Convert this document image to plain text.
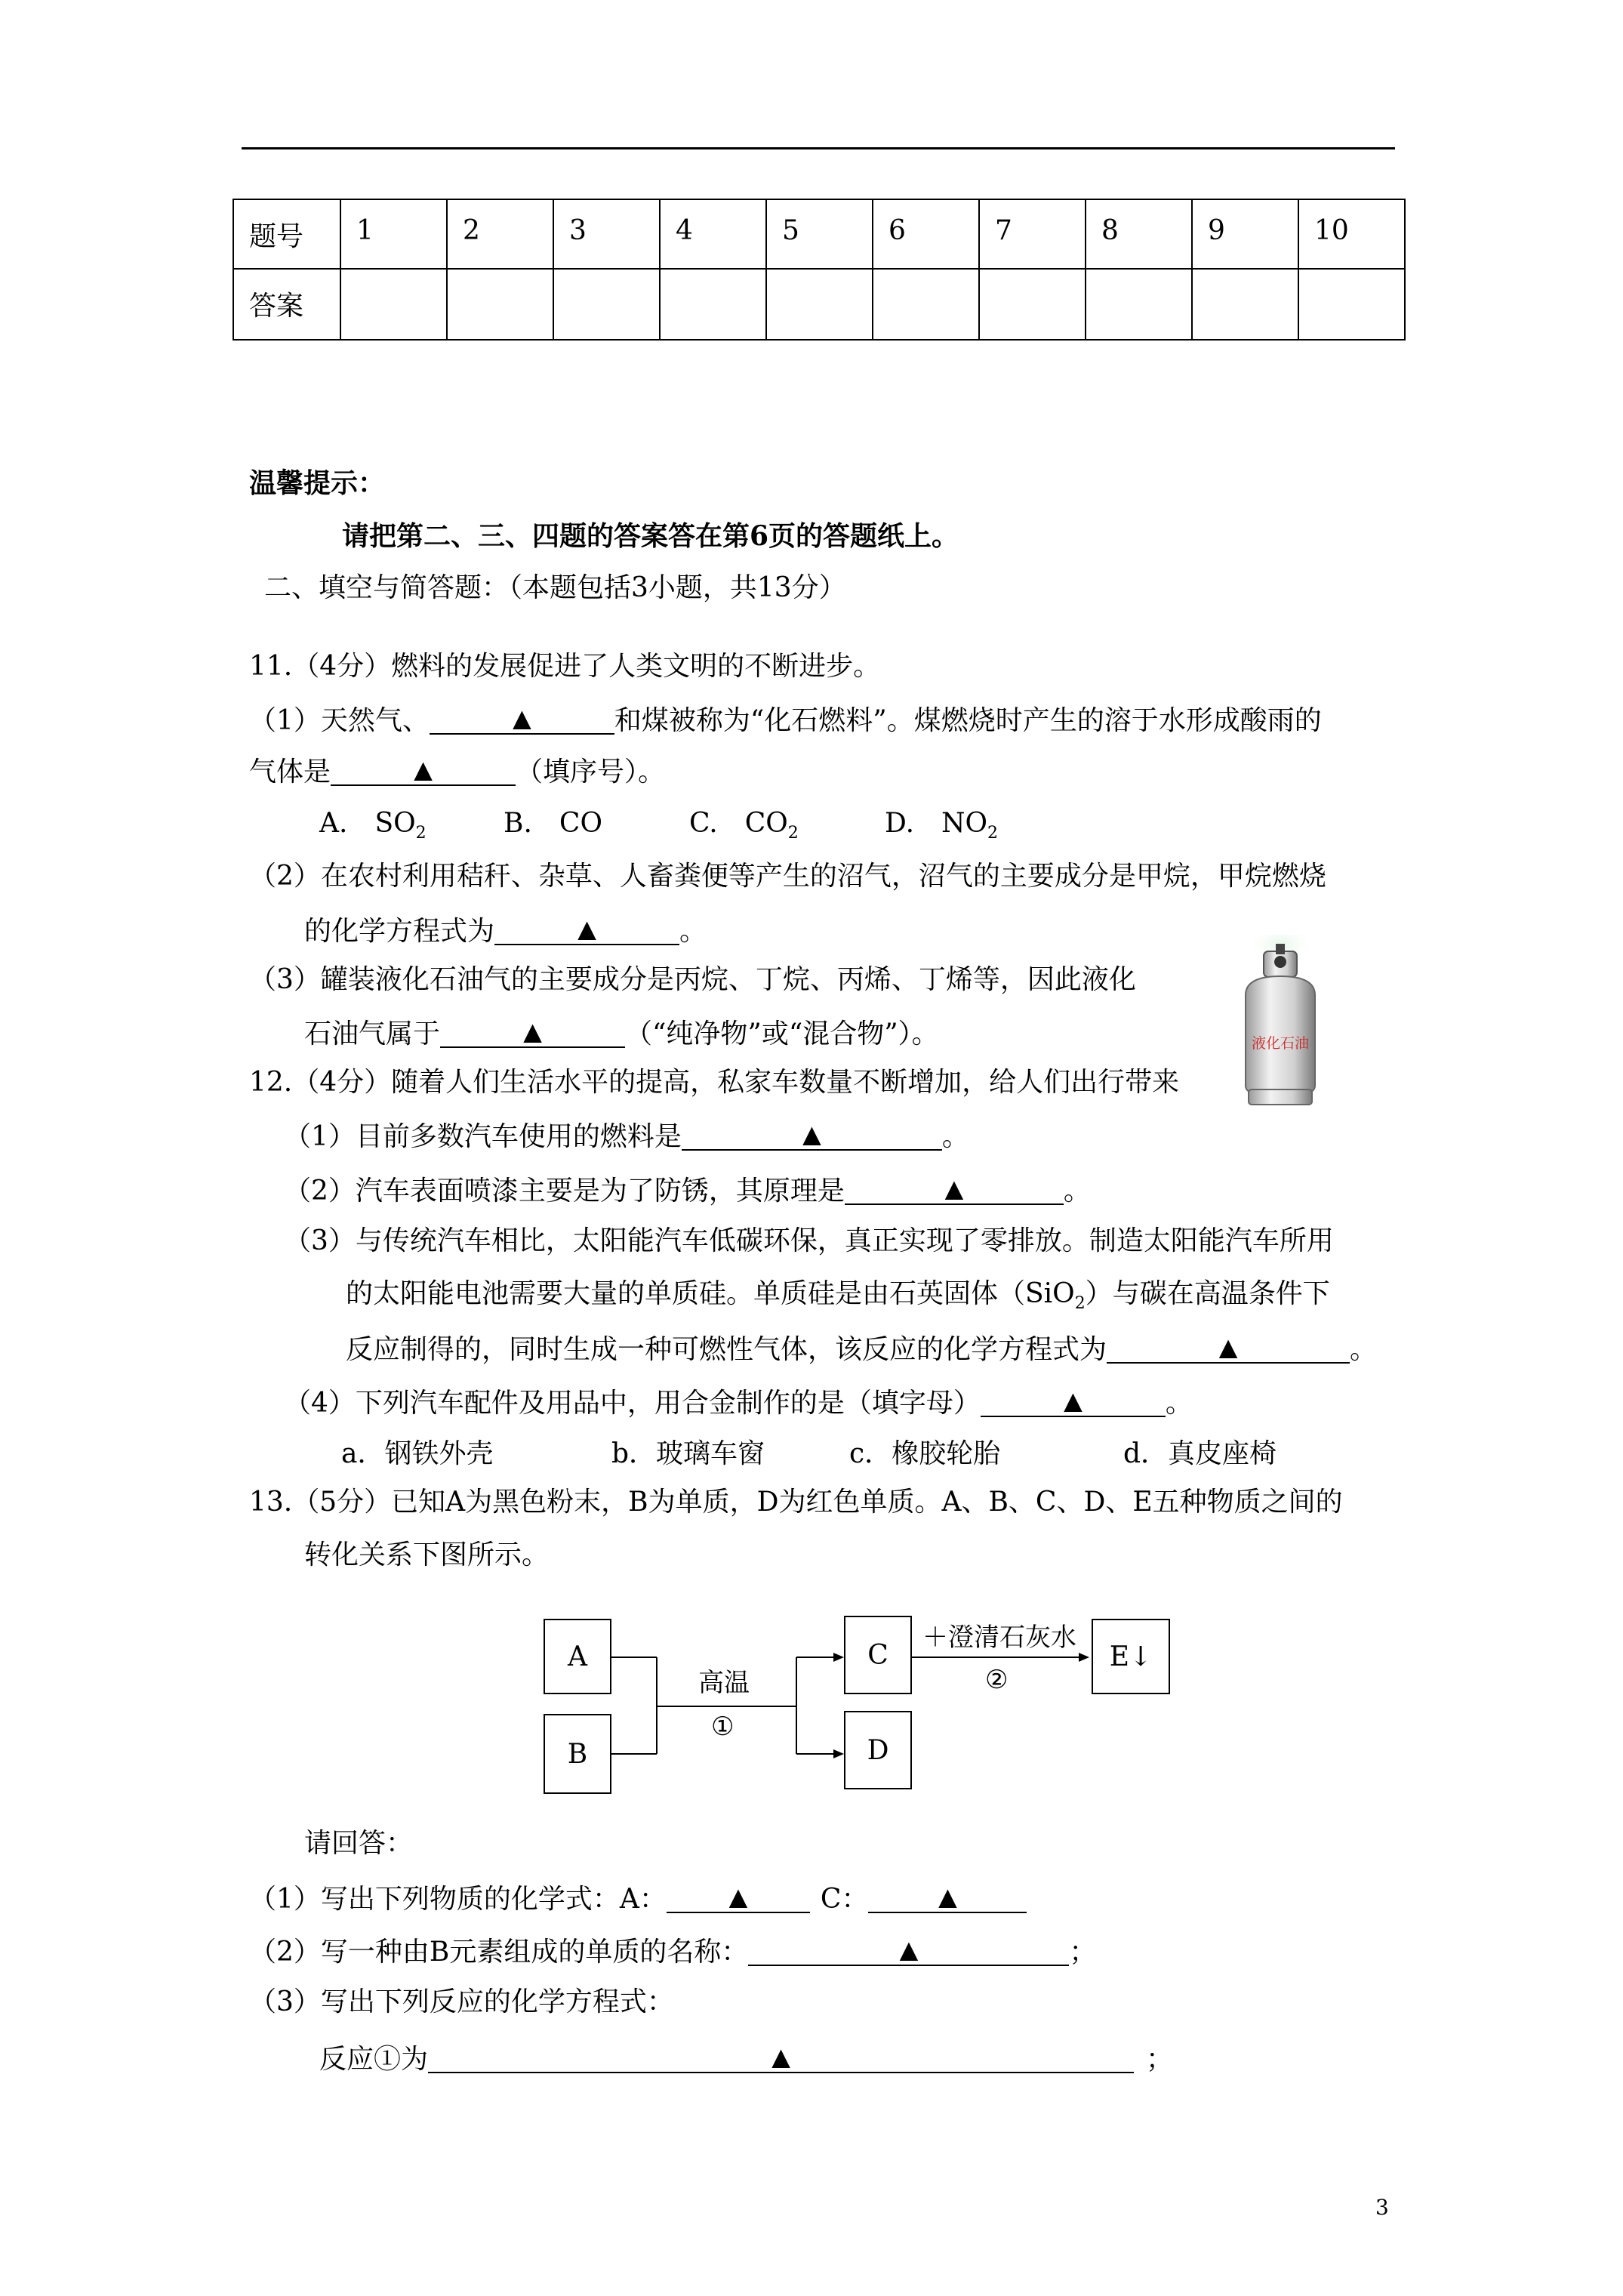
题号	1	2	3	4	5	6	7	8	9	10
答案										
温馨提示：
请把第二、三、四题的答案答在第6页的答题纸上。
二、填空与简答题：（本题包括3小题，共13分）
11.（4分）燃料的发展促进了人类文明的不断进步。
（1）天然气、	▲	和煤被称为“化石燃料”。煤燃烧时产生的溶于水形成酸雨的
气体是	▲	（填序号）。
A.　$SO_2$	B.　CO	C.　$CO_2$	D.　$NO_2$
（2）在农村利用秸秆、杂草、人畜粪便等产生的沼气，沼气的主要成分是甲烷，甲烷燃烧
的化学方程式为	▲	。
（3）罐装液化石油气的主要成分是丙烷、丁烷、丙烯、丁烯等，因此液化
石油气属于	▲	（“纯净物”或“混合物”）。	液化石油
12.（4分）随着人们生活水平的提高，私家车数量不断增加，给人们出行带来
（1）目前多数汽车使用的燃料是	▲	。
（2）汽车表面喷漆主要是为了防锈，其原理是	▲	。
（3）与传统汽车相比，太阳能汽车低碳环保，真正实现了零排放。制造太阳能汽车所用
的太阳能电池需要大量的单质硅。单质硅是由石英固体（SiO$_2$）与碳在高温条件下
反应制得的，同时生成一种可燃性气体，该反应的化学方程式为	▲	。
（4）下列汽车配件及用品中，用合金制作的是（填字母）	▲	。
a．钢铁外壳	b．玻璃车窗	c．橡胶轮胎	d．真皮座椅
13.（5分）已知A为黑色粉末，B为单质，D为红色单质。A、B、C、D、E五种物质之间的
转化关系下图所示。
A
B
C
D
E↓
高温
①
＋澄清石灰水
②
请回答：
（1）写出下列物质的化学式：A：	▲	C：	▲
（2）写一种由B元素组成的单质的名称：	▲	；
（3）写出下列反应的化学方程式：
反应①为	▲	；
3
